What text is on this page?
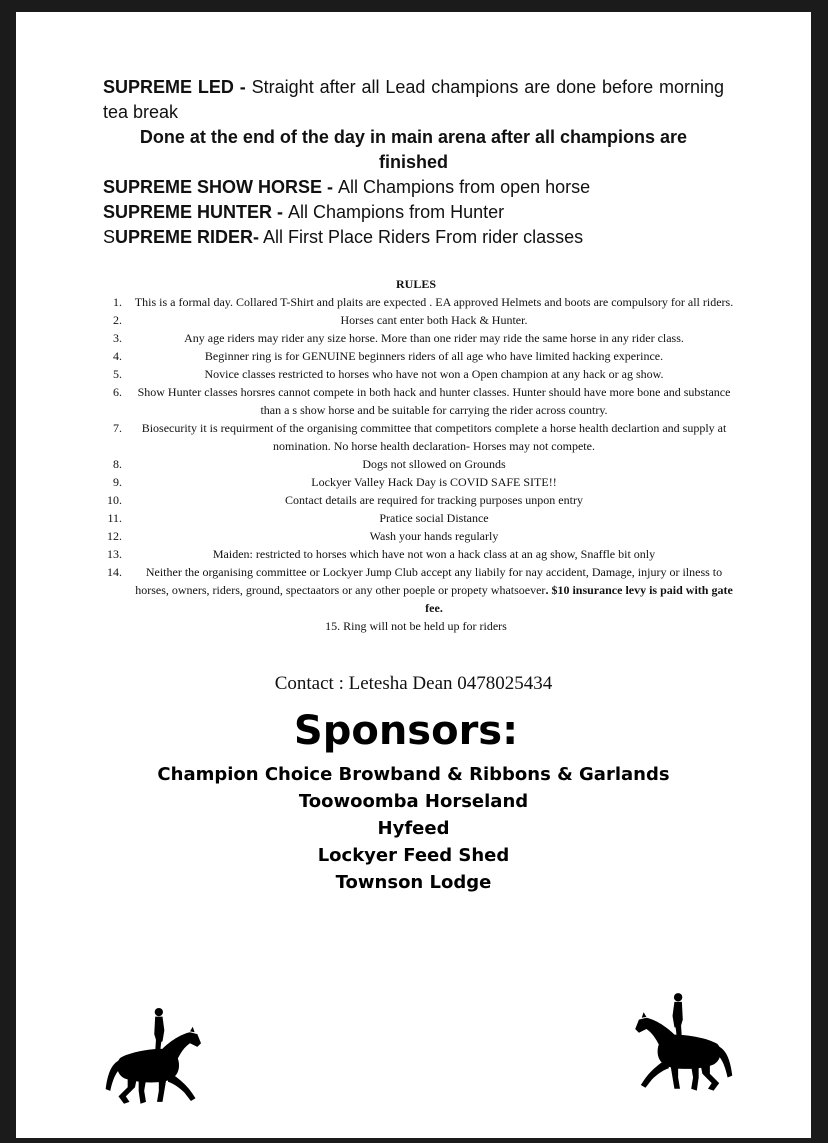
SUPREME LED - Straight after all Lead champions are done before morning tea break

Done at the end of the day in main arena after all champions are finished

SUPREME SHOW HORSE - All Champions from open horse

SUPREME HUNTER - All Champions from Hunter

SUPREME RIDER- All First Place Riders From rider classes

RULES
1.	This is a formal day. Collared T-Shirt and plaits are expected . EA approved Helmets and boots are compulsory for all riders.
2.	Horses cant enter both Hack & Hunter.
3.	Any age riders may rider any size horse. More than one rider may ride the same horse in any rider class.
4.	Beginner ring is for GENUINE beginners riders of all age who have limited hacking experince.
5.	Novice classes restricted to horses who have not won a Open champion at any hack or ag show.
6.	Show Hunter classes horsres cannot compete in both hack and hunter classes. Hunter should have more bone and substance than a s show horse and be suitable for carrying the rider across country.
7.	Biosecurity it is requirment of the organising committee that competitors complete a horse health declartion and supply at nomination. No horse health declaration- Horses may not compete.
8.	Dogs not sllowed on Grounds
9.	Lockyer Valley Hack Day is COVID SAFE SITE!!
10.	Contact details are required for tracking purposes unpon entry
11.	Pratice social Distance
12.	Wash your hands regularly
13.	Maiden: restricted to horses which have not won a hack class at an ag show, Snaffle bit only
14.	Neither the organising committee or Lockyer Jump Club accept any liabily for nay accident, Damage, injury or ilness to horses, owners, riders, ground, spectaators or any other poeple or propety whatsoever. $10 insurance levy is paid with gate fee.
15. Ring will not be held up for riders
Contact : Letesha Dean 0478025434
Sponsors:
Champion Choice Browband & Ribbons & Garlands
Toowoomba Horseland
Hyfeed
Lockyer Feed Shed
Townson Lodge
